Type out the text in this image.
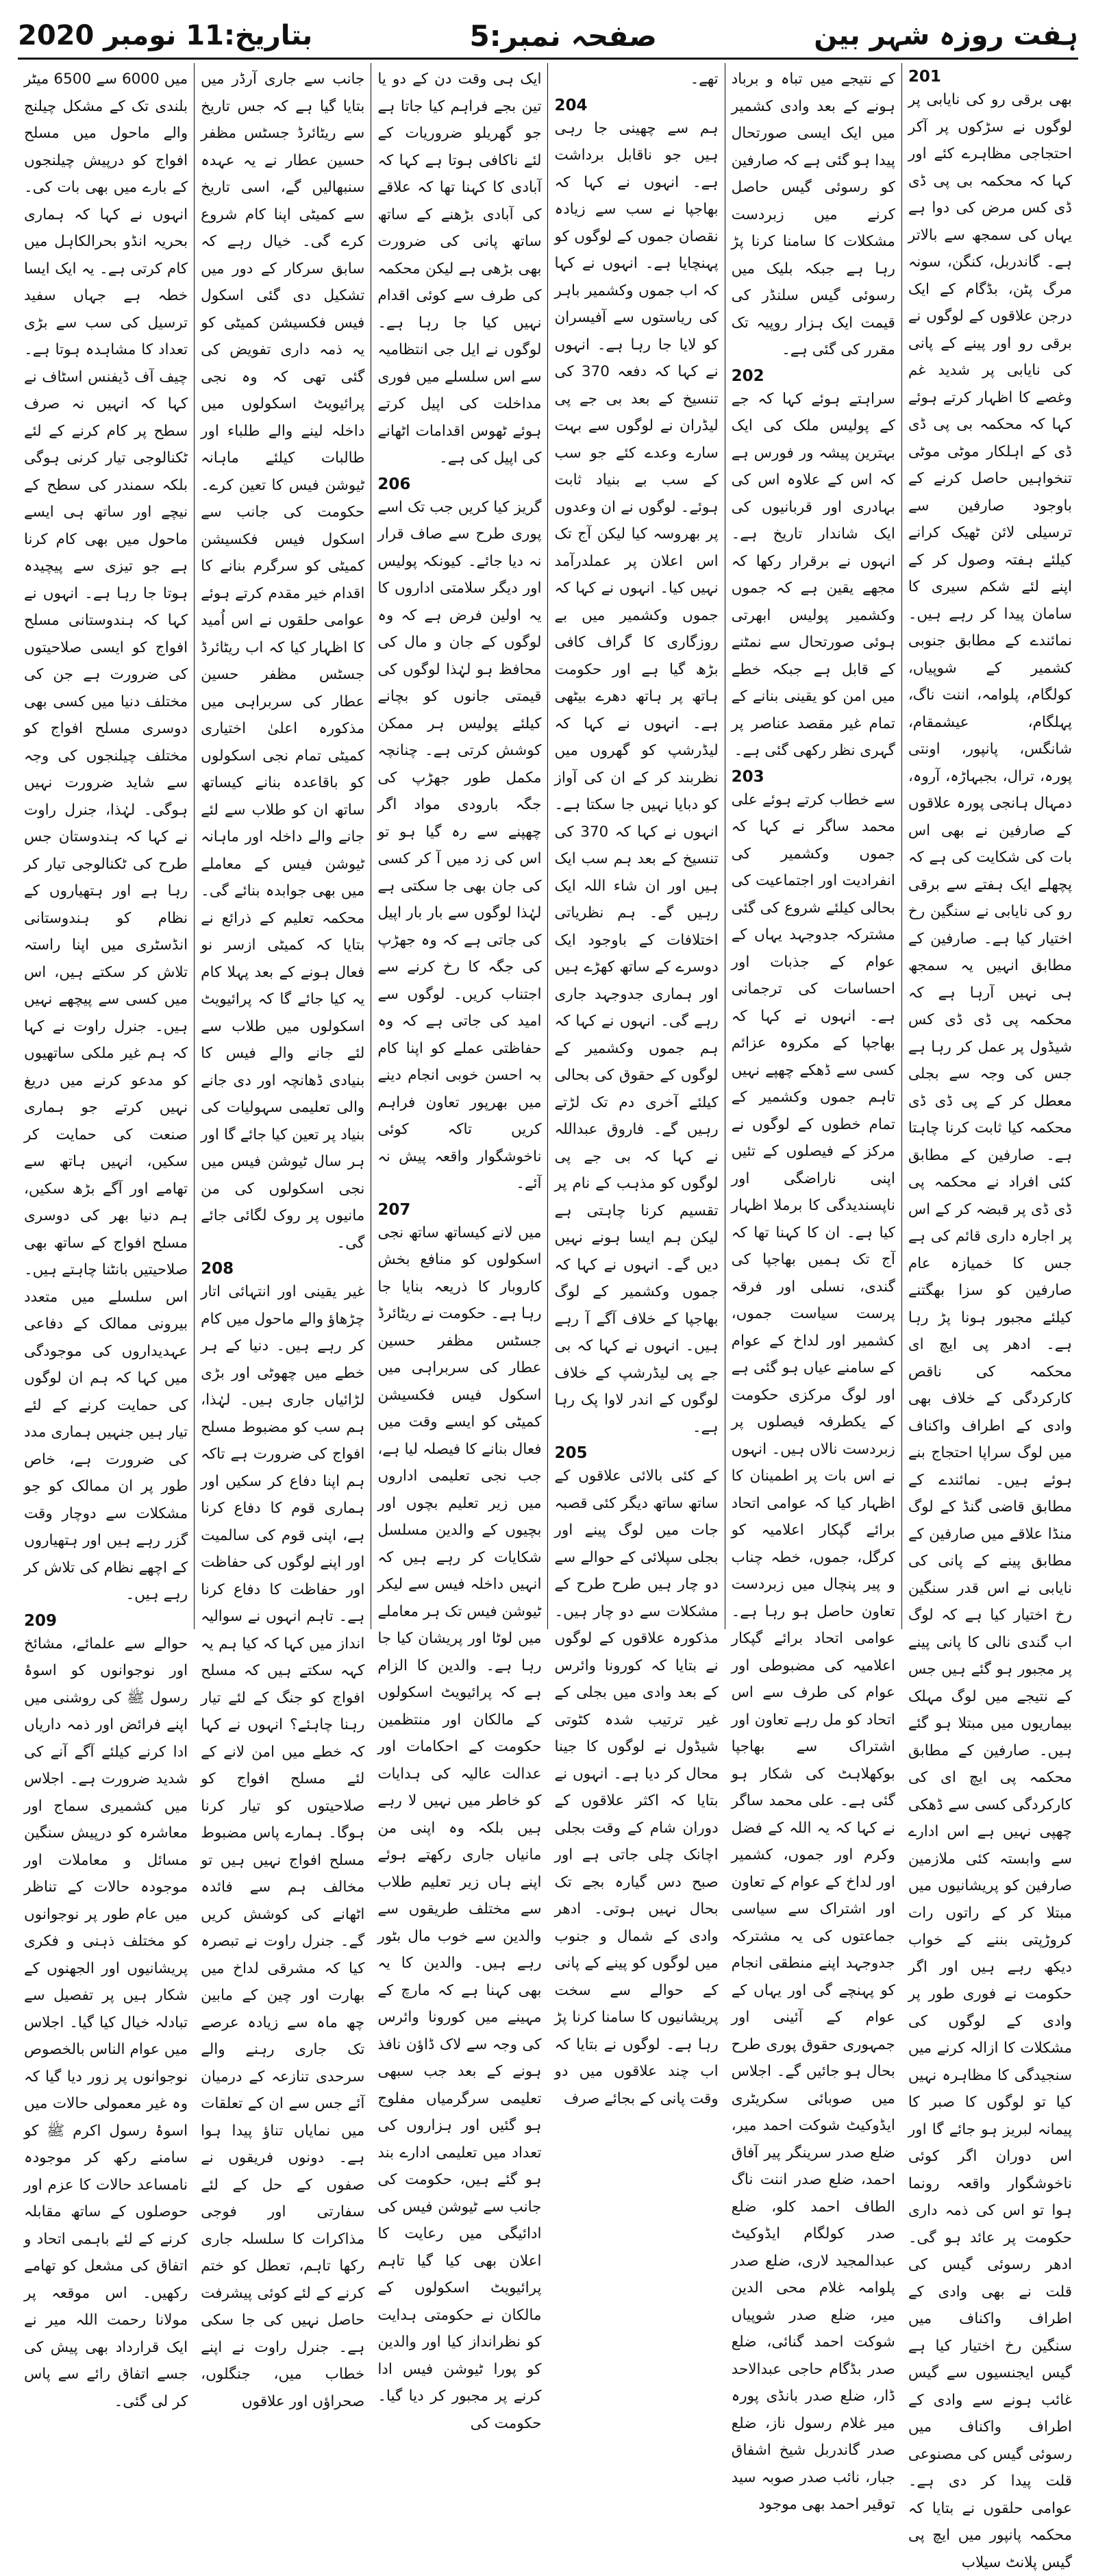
بتاریخ:11 نومبر 2020	صفحہ نمبر:5	ہفت روزہ شہر بین
201

بھی برقی رو کی نایابی پر لوگوں نے سڑکوں پر آکر احتجاجی مظاہرے کئے اور کہا کہ محکمہ بی پی ڈی ڈی کس مرض کی دوا ہے یہاں کی سمجھ سے بالاتر ہے۔ گاندربل، کنگن، سونہ مرگ پٹن، بڈگام کے ایک درجن علاقوں کے لوگوں نے برقی رو اور پینے کے پانی کی نایابی پر شدید غم وغصے کا اظہار کرتے ہوئے کہا کہ محکمہ بی پی ڈی ڈی کے اہلکار موٹی موٹی تنخواہیں حاصل کرنے کے باوجود صارفین سے ترسیلی لائن ٹھیک کرانے کیلئے ہفتہ وصول کر کے اپنے لئے شکم سیری کا سامان پیدا کر رہے ہیں۔ نمائندے کے مطابق جنوبی کشمیر کے شوپیاں، کولگام، پلوامہ، اننت ناگ، پہلگام، عیشمقام، شانگس، پانپور، اونتی پورہ، ترال، بجبہاڑہ، آروہ، دمہال ہانجی پورہ علاقوں کے صارفین نے بھی اس بات کی شکایت کی ہے کہ پچھلے ایک ہفتے سے برقی رو کی نایابی نے سنگین رخ اختیار کیا ہے۔ صارفین کے مطابق انہیں یہ سمجھ ہی نہیں آرہا ہے کہ محکمہ پی ڈی ڈی کس شیڈول پر عمل کر رہا ہے جس کی وجہ سے بجلی معطل کر کے پی ڈی ڈی محکمہ کیا ثابت کرنا چاہتا ہے۔ صارفین کے مطابق کئی افراد نے محکمہ پی ڈی ڈی پر قبضہ کر کے اس پر اجارہ داری قائم کی ہے جس کا خمیازہ عام صارفین کو سزا بھگتنے کیلئے مجبور ہونا پڑ رہا ہے۔ ادھر پی ایچ ای محکمہ کی ناقص کارکردگی کے خلاف بھی وادی کے اطراف واکناف میں لوگ سراپا احتجاج بنے ہوئے ہیں۔ نمائندے کے مطابق قاضی گنڈ کے لوگ منڈا علاقے میں صارفین کے مطابق پینے کے پانی کی نایابی نے اس قدر سنگین رخ اختیار کیا ہے کہ لوگ اب گندی نالی کا پانی پینے پر مجبور ہو گئے ہیں جس کے نتیجے میں لوگ مہلک بیماریوں میں مبتلا ہو گئے ہیں۔ صارفین کے مطابق محکمہ پی ایچ ای کی کارکردگی کسی سے ڈھکی چھپی نہیں ہے اس ادارے سے وابستہ کئی ملازمین صارفین کو پریشانیوں میں مبتلا کر کے راتوں رات کروڑپتی بننے کے خواب دیکھ رہے ہیں اور اگر حکومت نے فوری طور پر وادی کے لوگوں کی مشکلات کا ازالہ کرنے میں سنجیدگی کا مظاہرہ نہیں کیا تو لوگوں کا صبر کا پیمانہ لبریز ہو جائے گا اور اس دوران اگر کوئی ناخوشگوار واقعہ رونما ہوا تو اس کی ذمہ داری حکومت پر عائد ہو گی۔ ادھر رسوئی گیس کی قلت نے بھی وادی کے اطراف واکناف میں سنگین رخ اختیار کیا ہے گیس ایجنسیوں سے گیس غائب ہونے سے وادی کے اطراف واکناف میں رسوئی گیس کی مصنوعی قلت پیدا کر دی ہے۔ عوامی حلقوں نے بتایا کہ محکمہ پانپور میں ایچ پی گیس پلانٹ سیلاب

کے نتیجے میں تباہ و برباد ہونے کے بعد وادی کشمیر میں ایک ایسی صورتحال پیدا ہو گئی ہے کہ صارفین کو رسوئی گیس حاصل کرنے میں زبردست مشکلات کا سامنا کرنا پڑ رہا ہے جبکہ بلیک میں رسوئی گیس سلنڈر کی قیمت ایک ہزار روپیہ تک مقرر کی گئی ہے۔

202

سراہتے ہوئے کہا کہ جے کے پولیس ملک کی ایک بہترین پیشہ ور فورس ہے کہ اس کے علاوہ اس کی بہادری اور قربانیوں کی ایک شاندار تاریخ ہے۔ انہوں نے برقرار رکھا کہ مجھے یقین ہے کہ جموں وکشمیر پولیس ابھرتی ہوئی صورتحال سے نمٹنے کے قابل ہے جبکہ خطے میں امن کو یقینی بنانے کے تمام غیر مقصد عناصر پر گہری نظر رکھی گئی ہے۔

203

سے خطاب کرتے ہوئے علی محمد ساگر نے کہا کہ جموں وکشمیر کی انفرادیت اور اجتماعیت کی بحالی کیلئے شروع کی گئی مشترکہ جدوجہد یہاں کے عوام کے جذبات اور احساسات کی ترجمانی ہے۔ انہوں نے کہا کہ بھاجپا کے مکروہ عزائم کسی سے ڈھکے چھپے نہیں تاہم جموں وکشمیر کے تمام خطوں کے لوگوں نے مرکز کے فیصلوں کے تئیں اپنی ناراضگی اور ناپسندیدگی کا برملا اظہار کیا ہے۔ ان کا کہنا تھا کہ آج تک ہمیں بھاجپا کی گندی، نسلی اور فرقہ پرست سیاست جموں، کشمیر اور لداخ کے عوام کے سامنے عیاں ہو گئی ہے اور لوگ مرکزی حکومت کے یکطرفہ فیصلوں پر زبردست نالاں ہیں۔ انہوں نے اس بات پر اطمینان کا اظہار کیا کہ عوامی اتحاد برائے گپکار اعلامیہ کو کرگل، جموں، خطہ چناب و پیر پنچال میں زبردست تعاون حاصل ہو رہا ہے۔ عوامی اتحاد برائے گپکار اعلامیہ کی مضبوطی اور عوام کی طرف سے اس اتحاد کو مل رہے تعاون اور اشتراک سے بھاجپا بوکھلاہٹ کی شکار ہو گئی ہے۔ علی محمد ساگر نے کہا کہ یہ اللہ کے فضل وکرم اور جموں، کشمیر اور لداخ کے عوام کے تعاون اور اشتراک سے سیاسی جماعتوں کی یہ مشترکہ جدوجہد اپنے منطقی انجام کو پہنچے گی اور یہاں کے عوام کے آئینی اور جمہوری حقوق پوری طرح بحال ہو جائیں گے۔ اجلاس میں صوبائی سکریٹری ایڈوکیٹ شوکت احمد میر، ضلع صدر سرینگر پیر آفاق احمد، ضلع صدر اننت ناگ الطاف احمد کلو، ضلع صدر کولگام ایڈوکیٹ عبدالمجید لاری، ضلع صدر پلوامہ غلام محی الدین میر، ضلع صدر شوپیاں شوکت احمد گنائی، ضلع صدر بڈگام حاجی عبدالاحد ڈار، ضلع صدر بانڈی پورہ میر غلام رسول ناز، ضلع صدر گاندربل شیخ اشفاق جبار، نائب صدر صوبہ سید توقیر احمد بھی موجود

تھے۔

204

ہم سے چھینی جا رہی ہیں جو ناقابل برداشت ہے۔ انہوں نے کہا کہ بھاجپا نے سب سے زیادہ نقصان جموں کے لوگوں کو پہنچایا ہے۔ انہوں نے کہا کہ اب جموں وکشمیر باہر کی ریاستوں سے آفیسران کو لایا جا رہا ہے۔ انہوں نے کہا کہ دفعہ 370 کی تنسیخ کے بعد بی جے پی لیڈران نے لوگوں سے بہت سارے وعدے کئے جو سب کے سب بے بنیاد ثابت ہوئے۔ لوگوں نے ان وعدوں پر بھروسہ کیا لیکن آج تک اس اعلان پر عملدرآمد نہیں کیا۔ انہوں نے کہا کہ جموں وکشمیر میں بے روزگاری کا گراف کافی بڑھ گیا ہے اور حکومت ہاتھ پر ہاتھ دھرے بیٹھی ہے۔ انہوں نے کہا کہ لیڈرشپ کو گھروں میں نظربند کر کے ان کی آواز کو دبایا نہیں جا سکتا ہے۔ انہوں نے کہا کہ 370 کی تنسیخ کے بعد ہم سب ایک ہیں اور ان شاء اللہ ایک رہیں گے۔ ہم نظریاتی اختلافات کے باوجود ایک دوسرے کے ساتھ کھڑے ہیں اور ہماری جدوجہد جاری رہے گی۔ انہوں نے کہا کہ ہم جموں وکشمیر کے لوگوں کے حقوق کی بحالی کیلئے آخری دم تک لڑتے رہیں گے۔ فاروق عبداللہ نے کہا کہ بی جے پی لوگوں کو مذہب کے نام پر تقسیم کرنا چاہتی ہے لیکن ہم ایسا ہونے نہیں دیں گے۔ انہوں نے کہا کہ جموں وکشمیر کے لوگ بھاجپا کے خلاف آگے آ رہے ہیں۔ انہوں نے کہا کہ بی جے پی لیڈرشپ کے خلاف لوگوں کے اندر لاوا پک رہا ہے۔

205

کے کئی بالائی علاقوں کے ساتھ ساتھ دیگر کئی قصبہ جات میں لوگ پینے اور بجلی سپلائی کے حوالے سے دو چار ہیں طرح طرح کے مشکلات سے دو چار ہیں۔ مذکورہ علاقوں کے لوگوں نے بتایا کہ کورونا وائرس کے بعد وادی میں بجلی کے غیر ترتیب شدہ کٹوتی شیڈول نے لوگوں کا جینا محال کر دیا ہے۔ انہوں نے بتایا کہ اکثر علاقوں کے دوران شام کے وقت بجلی اچانک چلی جاتی ہے اور صبح دس گیارہ بجے تک بحال نہیں ہوتی۔ ادھر وادی کے شمال و جنوب میں لوگوں کو پینے کے پانی کے حوالے سے سخت پریشانیوں کا سامنا کرنا پڑ رہا ہے۔ لوگوں نے بتایا کہ اب چند علاقوں میں دو وقت پانی کے بجائے صرف

ایک ہی وقت دن کے دو یا تین بجے فراہم کیا جاتا ہے جو گھریلو ضروریات کے لئے ناکافی ہوتا ہے کہا کہ آبادی کا کہنا تھا کہ علاقے کی آبادی بڑھنے کے ساتھ ساتھ پانی کی ضرورت بھی بڑھی ہے لیکن محکمہ کی طرف سے کوئی اقدام نہیں کیا جا رہا ہے۔ لوگوں نے ایل جی انتظامیہ سے اس سلسلے میں فوری مداخلت کی اپیل کرتے ہوئے ٹھوس اقدامات اٹھانے کی اپیل کی ہے۔

206

گریز کیا کریں جب تک اسے پوری طرح سے صاف قرار نہ دیا جائے۔ کیونکہ پولیس اور دیگر سلامتی اداروں کا یہ اولین فرض ہے کہ وہ لوگوں کے جان و مال کی محافظ ہو لہٰذا لوگوں کی قیمتی جانوں کو بچانے کیلئے پولیس ہر ممکن کوشش کرتی ہے۔ چنانچہ مکمل طور جھڑپ کی جگہ بارودی مواد اگر چھپنے سے رہ گیا ہو تو اس کی زد میں آ کر کسی کی جان بھی جا سکتی ہے لہٰذا لوگوں سے بار بار اپیل کی جاتی ہے کہ وہ جھڑپ کی جگہ کا رخ کرنے سے اجتناب کریں۔ لوگوں سے امید کی جاتی ہے کہ وہ حفاظتی عملے کو اپنا کام بہ احسن خوبی انجام دینے میں بھرپور تعاون فراہم کریں تاکہ کوئی ناخوشگوار واقعہ پیش نہ آئے۔

207

میں لانے کیساتھ ساتھ نجی اسکولوں کو منافع بخش کاروبار کا ذریعہ بنایا جا رہا ہے۔ حکومت نے ریٹائرڈ جسٹس مظفر حسین عطار کی سربراہی میں اسکول فیس فکسیشن کمیٹی کو ایسے وقت میں فعال بنانے کا فیصلہ لیا ہے، جب نجی تعلیمی اداروں میں زیر تعلیم بچوں اور بچیوں کے والدین مسلسل شکایات کر رہے ہیں کہ انہیں داخلہ فیس سے لیکر ٹیوشن فیس تک ہر معاملے میں لوٹا اور پریشان کیا جا رہا ہے۔ والدین کا الزام ہے کہ پرائیویٹ اسکولوں کے مالکان اور منتظمین حکومت کے احکامات اور عدالت عالیہ کی ہدایات کو خاطر میں نہیں لا رہے ہیں بلکہ وہ اپنی من مانیاں جاری رکھتے ہوئے اپنے ہاں زیر تعلیم طلاب سے مختلف طریقوں سے والدین سے خوب مال بٹور رہے ہیں۔ والدین کا یہ بھی کہنا ہے کہ مارچ کے مہینے میں کورونا وائرس کی وجہ سے لاک ڈاؤن نافذ ہونے کے بعد جب سبھی تعلیمی سرگرمیاں مفلوج ہو گئیں اور ہزاروں کی تعداد میں تعلیمی ادارے بند ہو گئے ہیں، حکومت کی جانب سے ٹیوشن فیس کی ادائیگی میں رعایت کا اعلان بھی کیا گیا تاہم پرائیویٹ اسکولوں کے مالکان نے حکومتی ہدایت کو نظرانداز کیا اور والدین کو پورا ٹیوشن فیس ادا کرنے پر مجبور کر دیا گیا۔ حکومت کی

جانب سے جاری آرڈر میں بتایا گیا ہے کہ جس تاریخ سے ریٹائرڈ جسٹس مظفر حسین عطار نے یہ عہدہ سنبھالیں گے، اسی تاریخ سے کمیٹی اپنا کام شروع کرے گی۔ خیال رہے کہ سابق سرکار کے دور میں تشکیل دی گئی اسکول فیس فکسیشن کمیٹی کو یہ ذمہ داری تفویض کی گئی تھی کہ وہ نجی پرائیویٹ اسکولوں میں داخلہ لینے والے طلباء اور طالبات کیلئے ماہانہ ٹیوشن فیس کا تعین کرے۔ حکومت کی جانب سے اسکول فیس فکسیشن کمیٹی کو سرگرم بنانے کا اقدام خیر مقدم کرتے ہوئے عوامی حلقوں نے اس اُمید کا اظہار کیا کہ اب ریٹائرڈ جسٹس مظفر حسین عطار کی سربراہی میں مذکورہ اعلیٰ اختیاری کمیٹی تمام نجی اسکولوں کو باقاعدہ بنانے کیساتھ ساتھ ان کو طلاب سے لئے جانے والے داخلہ اور ماہانہ ٹیوشن فیس کے معاملے میں بھی جوابدہ بنائے گی۔ محکمہ تعلیم کے ذرائع نے بتایا کہ کمیٹی ازسر نو فعال ہونے کے بعد پہلا کام یہ کیا جائے گا کہ پرائیویٹ اسکولوں میں طلاب سے لئے جانے والے فیس کا بنیادی ڈھانچہ اور دی جانے والی تعلیمی سہولیات کی بنیاد پر تعین کیا جائے گا اور ہر سال ٹیوشن فیس میں نجی اسکولوں کی من مانیوں پر روک لگائی جائے گی۔

208

غیر یقینی اور انتہائی اتار چڑھاؤ والے ماحول میں کام کر رہے ہیں۔ دنیا کے ہر خطے میں چھوٹی اور بڑی لڑائیاں جاری ہیں۔ لہٰذا، ہم سب کو مضبوط مسلح افواج کی ضرورت ہے تاکہ ہم اپنا دفاع کر سکیں اور ہماری قوم کا دفاع کرنا ہے، اپنی قوم کی سالمیت اور اپنے لوگوں کی حفاظت اور حفاظت کا دفاع کرنا ہے۔ تاہم انہوں نے سوالیہ انداز میں کہا کہ کیا ہم یہ کہہ سکتے ہیں کہ مسلح افواج کو جنگ کے لئے تیار رہنا چاہئے؟ انہوں نے کہا کہ خطے میں امن لانے کے لئے مسلح افواج کو صلاحیتوں کو تیار کرنا ہوگا۔ ہمارے پاس مضبوط مسلح افواج نہیں ہیں تو مخالف ہم سے فائدہ اٹھانے کی کوشش کریں گے۔ جنرل راوت نے تبصرہ کیا کہ مشرقی لداخ میں بھارت اور چین کے مابین چھ ماہ سے زیادہ عرصے تک جاری رہنے والے سرحدی تنازعہ کے درمیان آئے جس سے ان کے تعلقات میں نمایاں تناؤ پیدا ہوا ہے۔ دونوں فریقوں نے صفوں کے حل کے لئے سفارتی اور فوجی مذاکرات کا سلسلہ جاری رکھا تاہم، تعطل کو ختم کرنے کے لئے کوئی پیشرفت حاصل نہیں کی جا سکی ہے۔ جنرل راوت نے اپنے خطاب میں، جنگلوں، صحراؤں اور علاقوں

میں 6000 سے 6500 میٹر بلندی تک کے مشکل چیلنج والے ماحول میں مسلح افواج کو درپیش چیلنجوں کے بارے میں بھی بات کی۔ انہوں نے کہا کہ ہماری بحریہ انڈو بحرالکاہل میں کام کرتی ہے۔ یہ ایک ایسا خطہ ہے جہاں سفید ترسیل کی سب سے بڑی تعداد کا مشاہدہ ہوتا ہے۔ چیف آف ڈیفنس اسٹاف نے کہا کہ انہیں نہ صرف سطح پر کام کرنے کے لئے ٹکنالوجی تیار کرنی ہوگی بلکہ سمندر کی سطح کے نیچے اور ساتھ ہی ایسے ماحول میں بھی کام کرنا ہے جو تیزی سے پیچیدہ ہوتا جا رہا ہے۔ انہوں نے کہا کہ ہندوستانی مسلح افواج کو ایسی صلاحیتوں کی ضرورت ہے جن کی مختلف دنیا میں کسی بھی دوسری مسلح افواج کو مختلف چیلنجوں کی وجہ سے شاید ضرورت نہیں ہوگی۔ لہٰذا، جنرل راوت نے کہا کہ ہندوستان جس طرح کی ٹکنالوجی تیار کر رہا ہے اور ہتھیاروں کے نظام کو ہندوستانی انڈسٹری میں اپنا راستہ تلاش کر سکتے ہیں، اس میں کسی سے پیچھے نہیں ہیں۔ جنرل راوت نے کہا کہ ہم غیر ملکی ساتھیوں کو مدعو کرنے میں دریغ نہیں کرتے جو ہماری صنعت کی حمایت کر سکیں، انہیں ہاتھ سے تھامے اور آگے بڑھ سکیں، ہم دنیا بھر کی دوسری مسلح افواج کے ساتھ بھی صلاحیتیں بانٹنا چاہتے ہیں۔ اس سلسلے میں متعدد بیرونی ممالک کے دفاعی عہدیداروں کی موجودگی میں کہا کہ ہم ان لوگوں کی حمایت کرنے کے لئے تیار ہیں جنہیں ہماری مدد کی ضرورت ہے، خاص طور پر ان ممالک کو جو مشکلات سے دوچار وقت گزر رہے ہیں اور ہتھیاروں کے اچھے نظام کی تلاش کر رہے ہیں۔

209

حوالے سے علمائے، مشائخ اور نوجوانوں کو اسوۂ رسول ﷺ کی روشنی میں اپنے فرائض اور ذمہ داریاں ادا کرنے کیلئے آگے آنے کی شدید ضرورت ہے۔ اجلاس میں کشمیری سماج اور معاشرہ کو درپیش سنگین مسائل و معاملات اور موجودہ حالات کے تناظر میں عام طور پر نوجوانوں کو مختلف ذہنی و فکری پریشانیوں اور الجھنوں کے شکار ہیں پر تفصیل سے تبادلہ خیال کیا گیا۔ اجلاس میں عوام الناس بالخصوص نوجوانوں پر زور دیا گیا کہ وہ غیر معمولی حالات میں اسوۂ رسول اکرم ﷺ کو سامنے رکھ کر موجودہ نامساعد حالات کا عزم اور حوصلوں کے ساتھ مقابلہ کرنے کے لئے باہمی اتحاد و اتفاق کی مشعل کو تھامے رکھیں۔ اس موقعہ پر مولانا رحمت اللہ میر نے ایک قرارداد بھی پیش کی جسے اتفاق رائے سے پاس کر لی گئی۔
